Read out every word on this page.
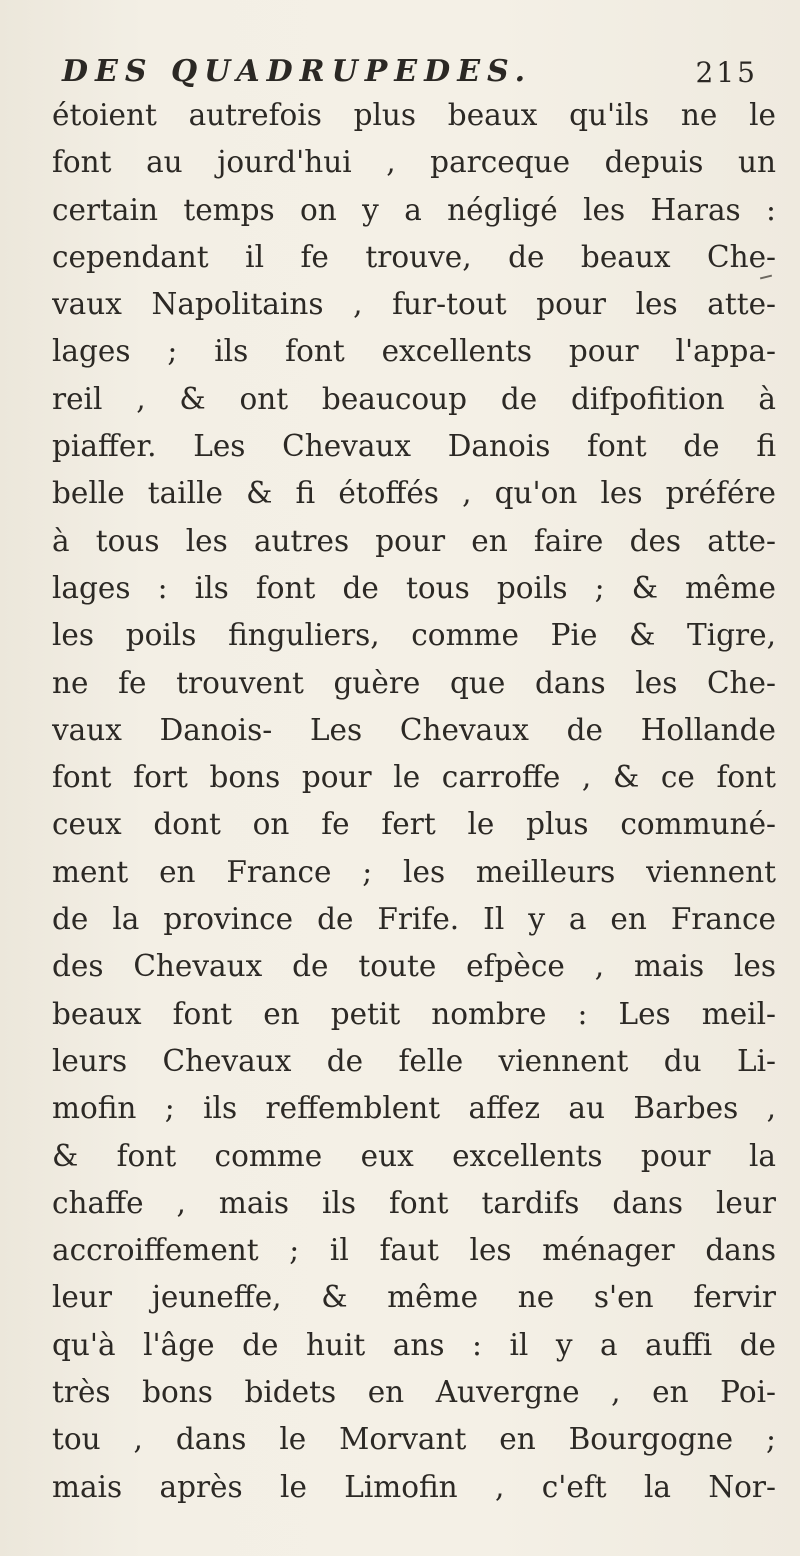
DES QUADRUPEDES.	215
étoient autrefois plus beaux qu'ils ne le
font au jourd'hui , parceque depuis un
certain temps on y a négligé les Haras :
cependant il fe trouve, de beaux Che-
vaux Napolitains , fur-tout pour les atte-
lages ; ils font excellents pour l'appa-
reil , & ont beaucoup de difpofition à
piaffer. Les Chevaux Danois font de fi
belle taille & fi étoffés , qu'on les préfére
à tous les autres pour en faire des atte-
lages : ils font de tous poils ; & même
les poils finguliers, comme Pie & Tigre,
ne fe trouvent guère que dans les Che-
vaux Danois- Les Chevaux de Hollande
font fort bons pour le carroffe , & ce font
ceux dont on fe fert le plus communé-
ment en France ; les meilleurs viennent
de la province de Frife. Il y a en France
des Chevaux de toute efpèce , mais les
beaux font en petit nombre : Les meil-
leurs Chevaux de felle viennent du Li-
mofin ; ils reffemblent affez au Barbes ,
& font comme eux excellents pour la
chaffe , mais ils font tardifs dans leur
accroiffement ; il faut les ménager dans
leur jeuneffe, & même ne s'en fervir
qu'à l'âge de huit ans : il y a auffi de
très bons bidets en Auvergne , en Poi-
tou , dans le Morvant en Bourgogne ;
mais après le Limofin , c'eft la Nor-
